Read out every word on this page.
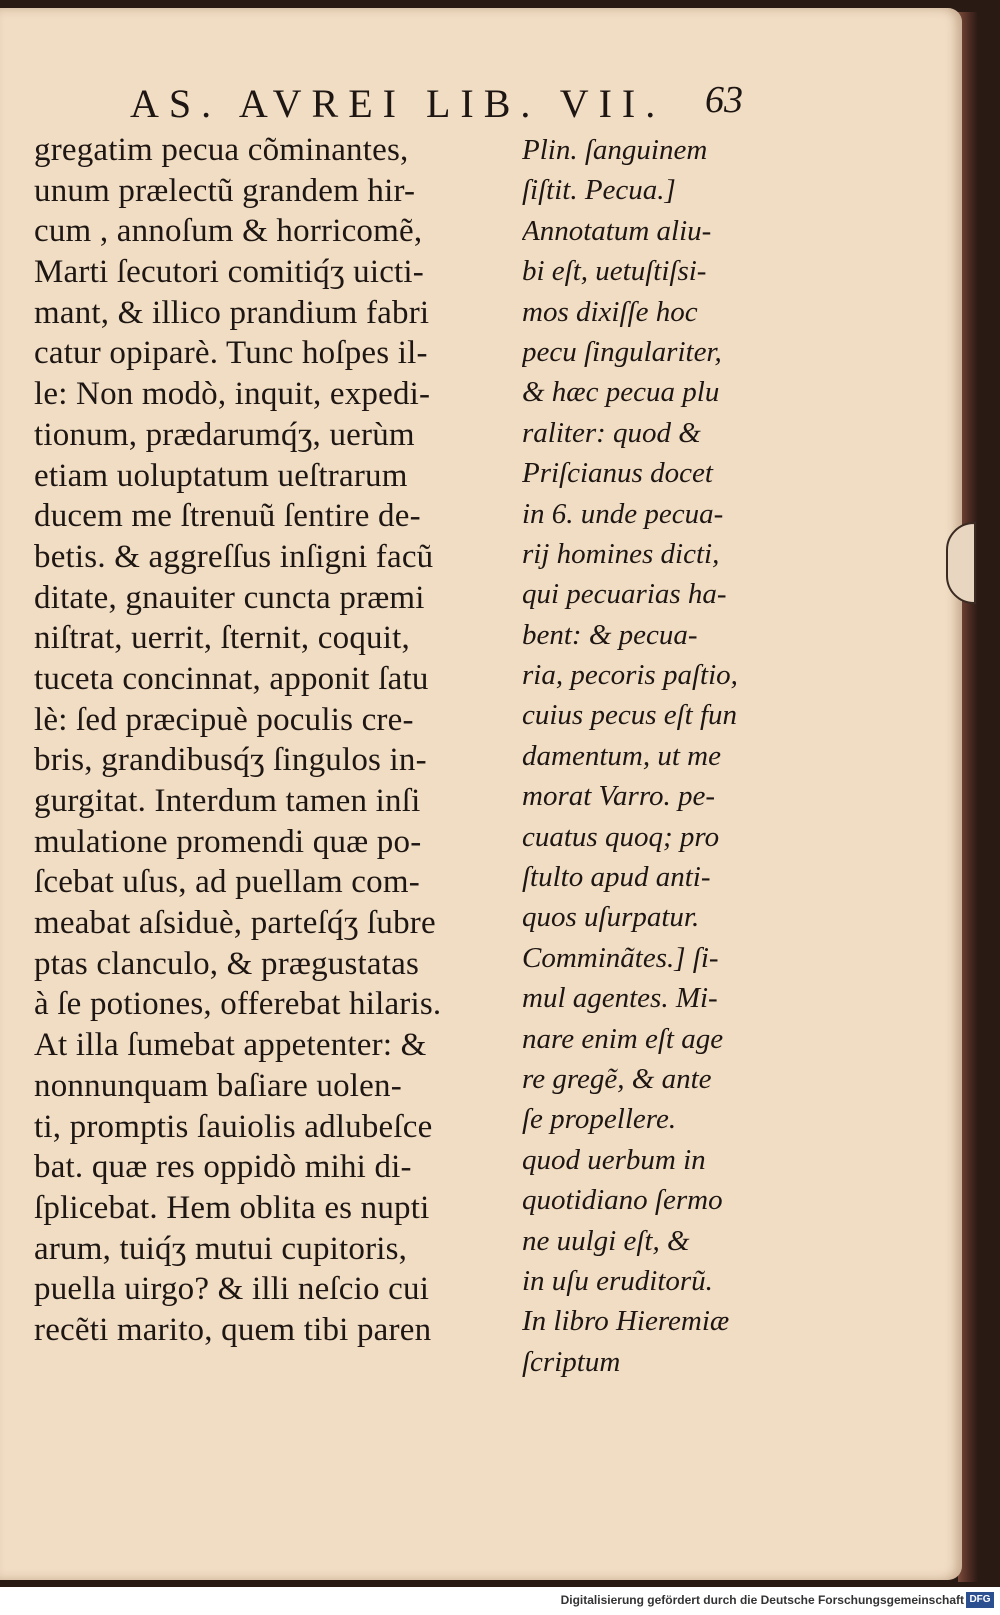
AS. AVREI LIB. VII.	63
gregatim pecua cõminantes,
unum prælectũ grandem hir-
cum , annoſum & horricomẽ,
Marti ſecutori comitiq́ʒ uicti-
mant, & illico prandium fabri
catur opiparè. Tunc hoſpes il-
le: Non modò, inquit, expedi-
tionum, prædarumq́ʒ, uerùm
etiam uoluptatum ueſtrarum
ducem me ſtrenuũ ſentire de-
betis. & aggreſſus inſigni facũ
ditate, gnauiter cuncta præmi
niſtrat, uerrit, ſternit, coquit,
tuceta concinnat, apponit ſatu
lè: ſed præcipuè poculis cre-
bris, grandibusq́ʒ ſingulos in-
gurgitat. Interdum tamen inſi
mulatione promendi quæ po-
ſcebat uſus, ad puellam com-
meabat aſsiduè, parteſq́ʒ ſubre
ptas clanculo, & prægustatas
à ſe potiones, offerebat hilaris.
At illa ſumebat appetenter: &
nonnunquam baſiare uolen-
ti, promptis ſauiolis adlubeſce
bat. quæ res oppidò mihi di-
ſplicebat. Hem oblita es nupti
arum, tuiq́ʒ mutui cupitoris,
puella uirgo? & illi neſcio cui
recẽti marito, quem tibi paren
Plin. ſanguinem
ſiſtit. Pecua.]
Annotatum aliu-
bi eſt, uetuſtiſsi-
mos dixiſſe hoc
pecu ſingulariter,
& hæc pecua plu
raliter: quod &
Priſcianus docet
in 6. unde pecua-
rij homines dicti,
qui pecuarias ha-
bent: & pecua-
ria, pecoris paſtio,
cuius pecus eſt fun
damentum, ut me
morat Varro. pe-
cuatus quoq; pro
ſtulto apud anti-
quos uſurpatur.
Comminãtes.] ſi-
mul agentes. Mi-
nare enim eſt age
re gregẽ, & ante
ſe propellere.
quod uerbum in
quotidiano ſermo
ne uulgi eſt, &
in uſu eruditorũ.
In libro Hieremiæ
ſcriptum
Digitalisierung gefördert durch die Deutsche Forschungsgemeinschaft DFG
